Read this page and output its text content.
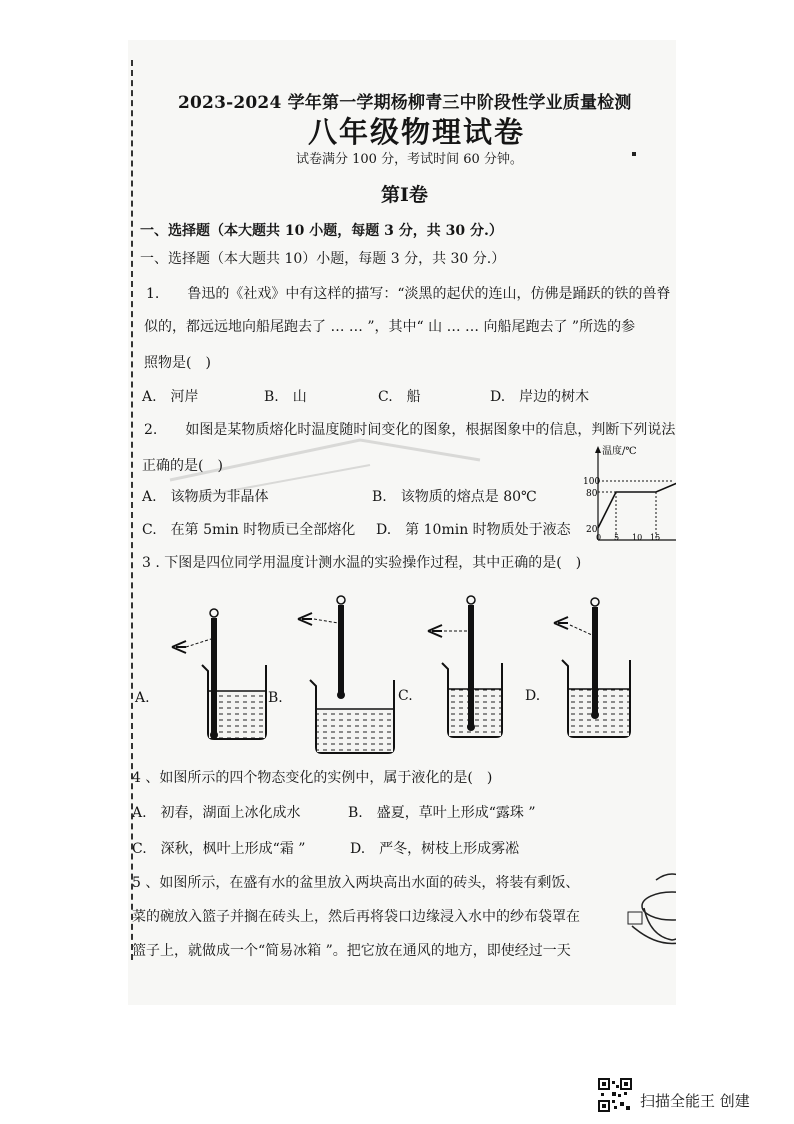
2023-2024 学年第一学期杨柳青三中阶段性学业质量检测
八年级物理试卷
试卷满分 100 分，考试时间 60 分钟。
第Ⅰ卷
一、选择题（本大题共 10 小题，每题 3 分，共 30 分.）
一、选择题（本大题共 10）小题，每题 3 分，共 30 分.）
1.　　鲁迅的《社戏》中有这样的描写：“淡黑的起伏的连山，仿佛是踊跃的铁的兽脊
似的，都远远地向船尾跑去了 … … ”，其中“ 山 … … 向船尾跑去了 ”所选的参
照物是(　)
A.　河岸	B.　山	C.　船	D.　岸边的树木
2.　　如图是某物质熔化时温度随时间变化的图象，根据图象中的信息，判断下列说法
正确的是(　)
A.　该物质为非晶体	B.　该物质的熔点是 80℃
C.　在第 5min 时物质已全部熔化 D.　第 10min 时物质处于液态
温度/℃
100
80
20
0 5 10 15
3 . 下图是四位同学用温度计测水温的实验操作过程，其中正确的是(　)
A.	B.	C.	D.
4 、如图所示的四个物态变化的实例中，属于液化的是(　)
A.　初春，湖面上冰化成水	B.　盛夏，草叶上形成“露珠 ”
C.　深秋，枫叶上形成“霜 ”	D.　严冬，树枝上形成雾凇
5 、如图所示，在盛有水的盆里放入两块高出水面的砖头，将装有剩饭、
菜的碗放入篮子并搁在砖头上，然后再将袋口边缘浸入水中的纱布袋罩在
篮子上，就做成一个“简易冰箱 ”。把它放在通风的地方，即使经过一天
扫描全能王 创建
